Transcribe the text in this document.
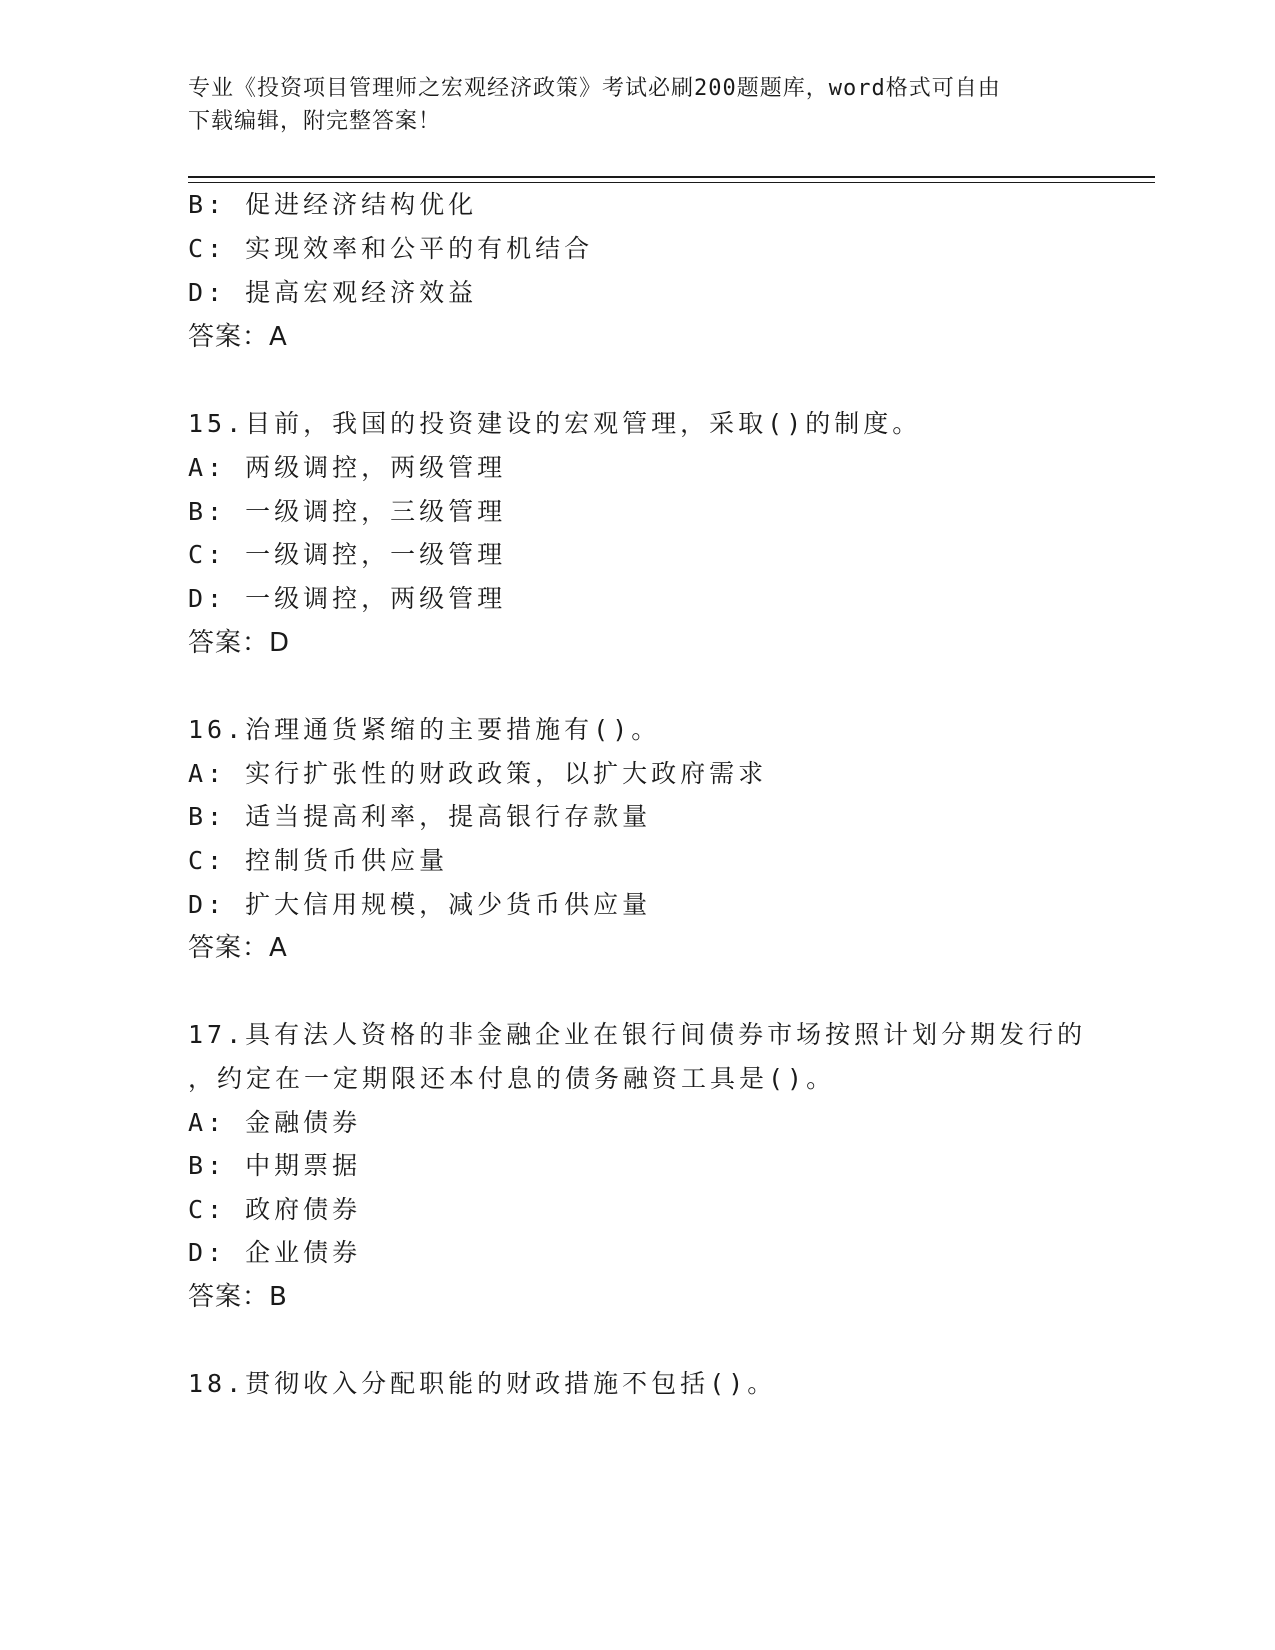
专业《投资项目管理师之宏观经济政策》考试必刷200题题库，word格式可自由
下载编辑，附完整答案！
B: 促进经济结构优化
C: 实现效率和公平的有机结合
D: 提高宏观经济效益
答案：A
15.目前，我国的投资建设的宏观管理，采取()的制度。
A: 两级调控，两级管理
B: 一级调控，三级管理
C: 一级调控，一级管理
D: 一级调控，两级管理
答案：D
16.治理通货紧缩的主要措施有()。
A: 实行扩张性的财政政策，以扩大政府需求
B: 适当提高利率，提高银行存款量
C: 控制货币供应量
D: 扩大信用规模，减少货币供应量
答案：A
17.具有法人资格的非金融企业在银行间债券市场按照计划分期发行的
，约定在一定期限还本付息的债务融资工具是()。
A: 金融债券
B: 中期票据
C: 政府债券
D: 企业债券
答案：B
18.贯彻收入分配职能的财政措施不包括()。
